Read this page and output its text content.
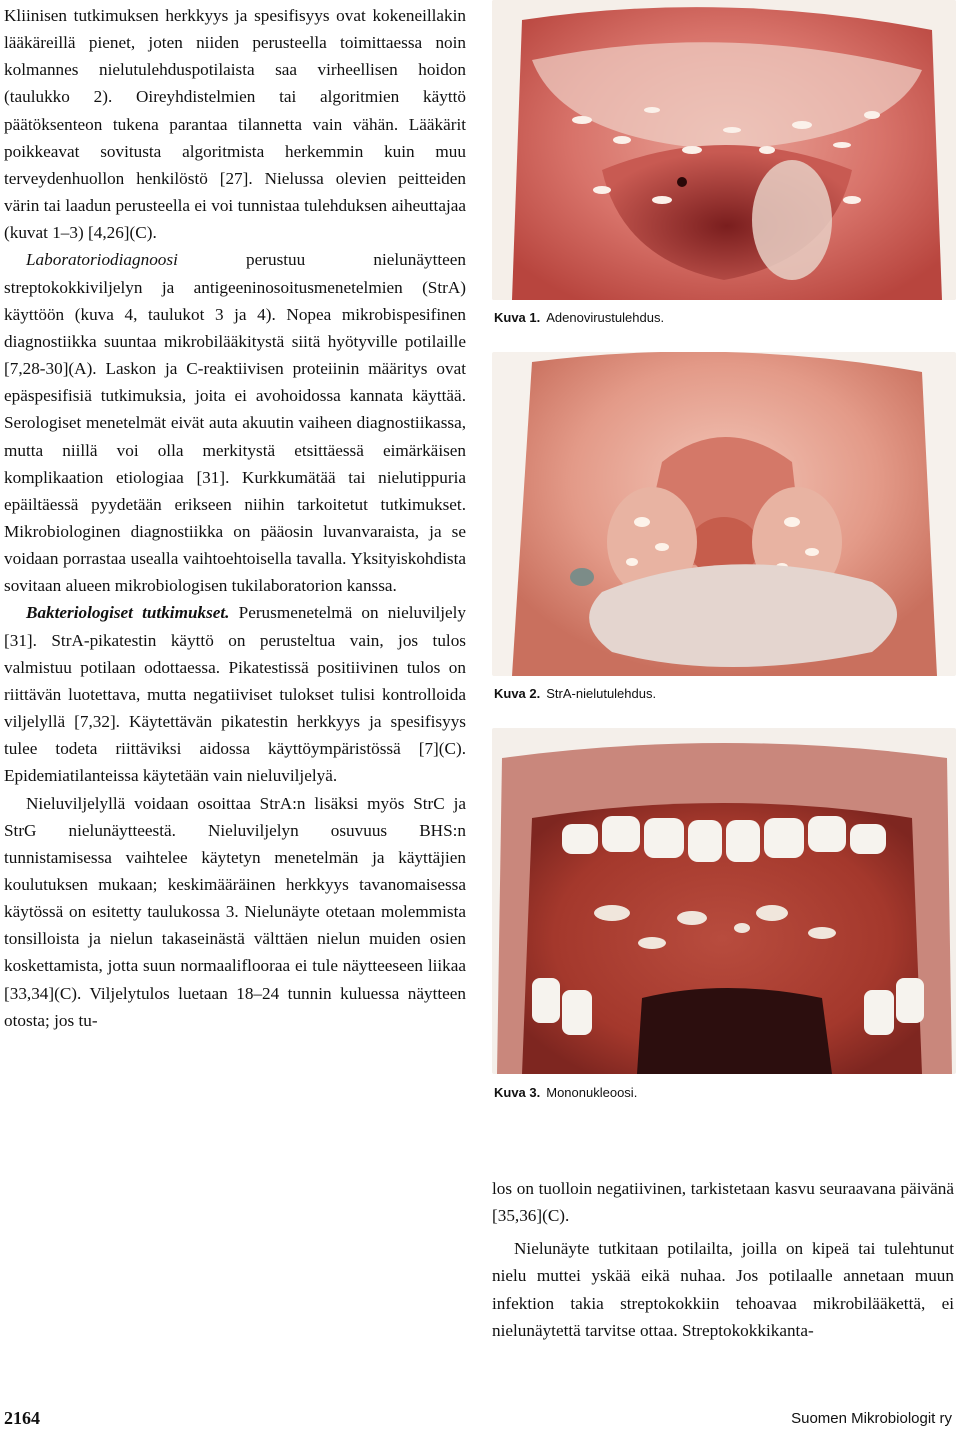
Kliinisen tutkimuksen herkkyys ja spesifisyys ovat kokeneillakin lääkäreillä pienet, joten niiden perusteella toimittaessa noin kolmannes nielutulehduspotilaista saa virheellisen hoidon (taulukko 2). Oireyhdistelmien tai algoritmien käyttö päätöksenteon tukena parantaa tilannetta vain vähän. Lääkärit poikkeavat sovitusta algoritmista herkemmin kuin muu terveydenhuollon henkilöstö [27]. Nielussa olevien peitteiden värin tai laadun perusteella ei voi tunnistaa tulehduksen aiheuttajaa (kuvat 1–3) [4,26](C).

Laboratoriodiagnoosi perustuu nielunäytteen streptokokkiviljelyn ja antigeeninosoitusmenetelmien (StrA) käyttöön (kuva 4, taulukot 3 ja 4). Nopea mikrobispesifinen diagnostiikka suuntaa mikrobilääkitystä siitä hyötyville potilaille [7,28-30](A). Laskon ja C-reaktiivisen proteiinin määritys ovat epäspesifisiä tutkimuksia, joita ei avohoidossa kannata käyttää. Serologiset menetelmät eivät auta akuutin vaiheen diagnostiikassa, mutta niillä voi olla merkitystä etsittäessä eimärkäisen komplikaation etiologiaa [31]. Kurkkumätää tai nielutippuria epäiltäessä pyydetään erikseen niihin tarkoitetut tutkimukset. Mikrobiologinen diagnostiikka on pääosin luvanvaraista, ja se voidaan porrastaa usealla vaihtoehtoisella tavalla. Yksityiskohdista sovitaan alueen mikrobiologisen tukilaboratorion kanssa.

Bakteriologiset tutkimukset. Perusmenetelmä on nieluviljely [31]. StrA-pikatestin käyttö on perusteltua vain, jos tulos valmistuu potilaan odottaessa. Pikatestissä positiivinen tulos on riittävän luotettava, mutta negatiiviset tulokset tulisi kontrolloida viljelyllä [7,32]. Käytettävän pikatestin herkkyys ja spesifisyys tulee todeta riittäviksi aidossa käyttöympäristössä [7](C). Epidemiatilanteissa käytetään vain nieluviljelyä.

Nieluviljelyllä voidaan osoittaa StrA:n lisäksi myös StrC ja StrG nielunäytteestä. Nieluviljelyn osuvuus BHS:n tunnistamisessa vaihtelee käytetyn menetelmän ja käyttäjien koulutuksen mukaan; keskimääräinen herkkyys tavanomaisessa käytössä on esitetty taulukossa 3. Nielunäyte otetaan molemmista tonsilloista ja nielun takaseinästä välttäen nielun muiden osien koskettamista, jotta suun normaaliflooraa ei tule näytteeseen liikaa [33,34](C). Viljelytulos luetaan 18–24 tunnin kuluessa näytteen otosta; jos tu-

Kuva 1. Adenovirustulehdus.
Kuva 2. StrA-nielutulehdus.
Kuva 3. Mononukleoosi.

los on tuolloin negatiivinen, tarkistetaan kasvu seuraavana päivänä [35,36](C).

Nielunäyte tutkitaan potilailta, joilla on kipeä tai tulehtunut nielu muttei yskää eikä nuhaa. Jos potilaalle annetaan muun infektion takia streptokokkiin tehoavaa mikrobilääkettä, ei nielunäytettä tarvitse ottaa. Streptokokkikanta-

2164	Suomen Mikrobiologit ry
